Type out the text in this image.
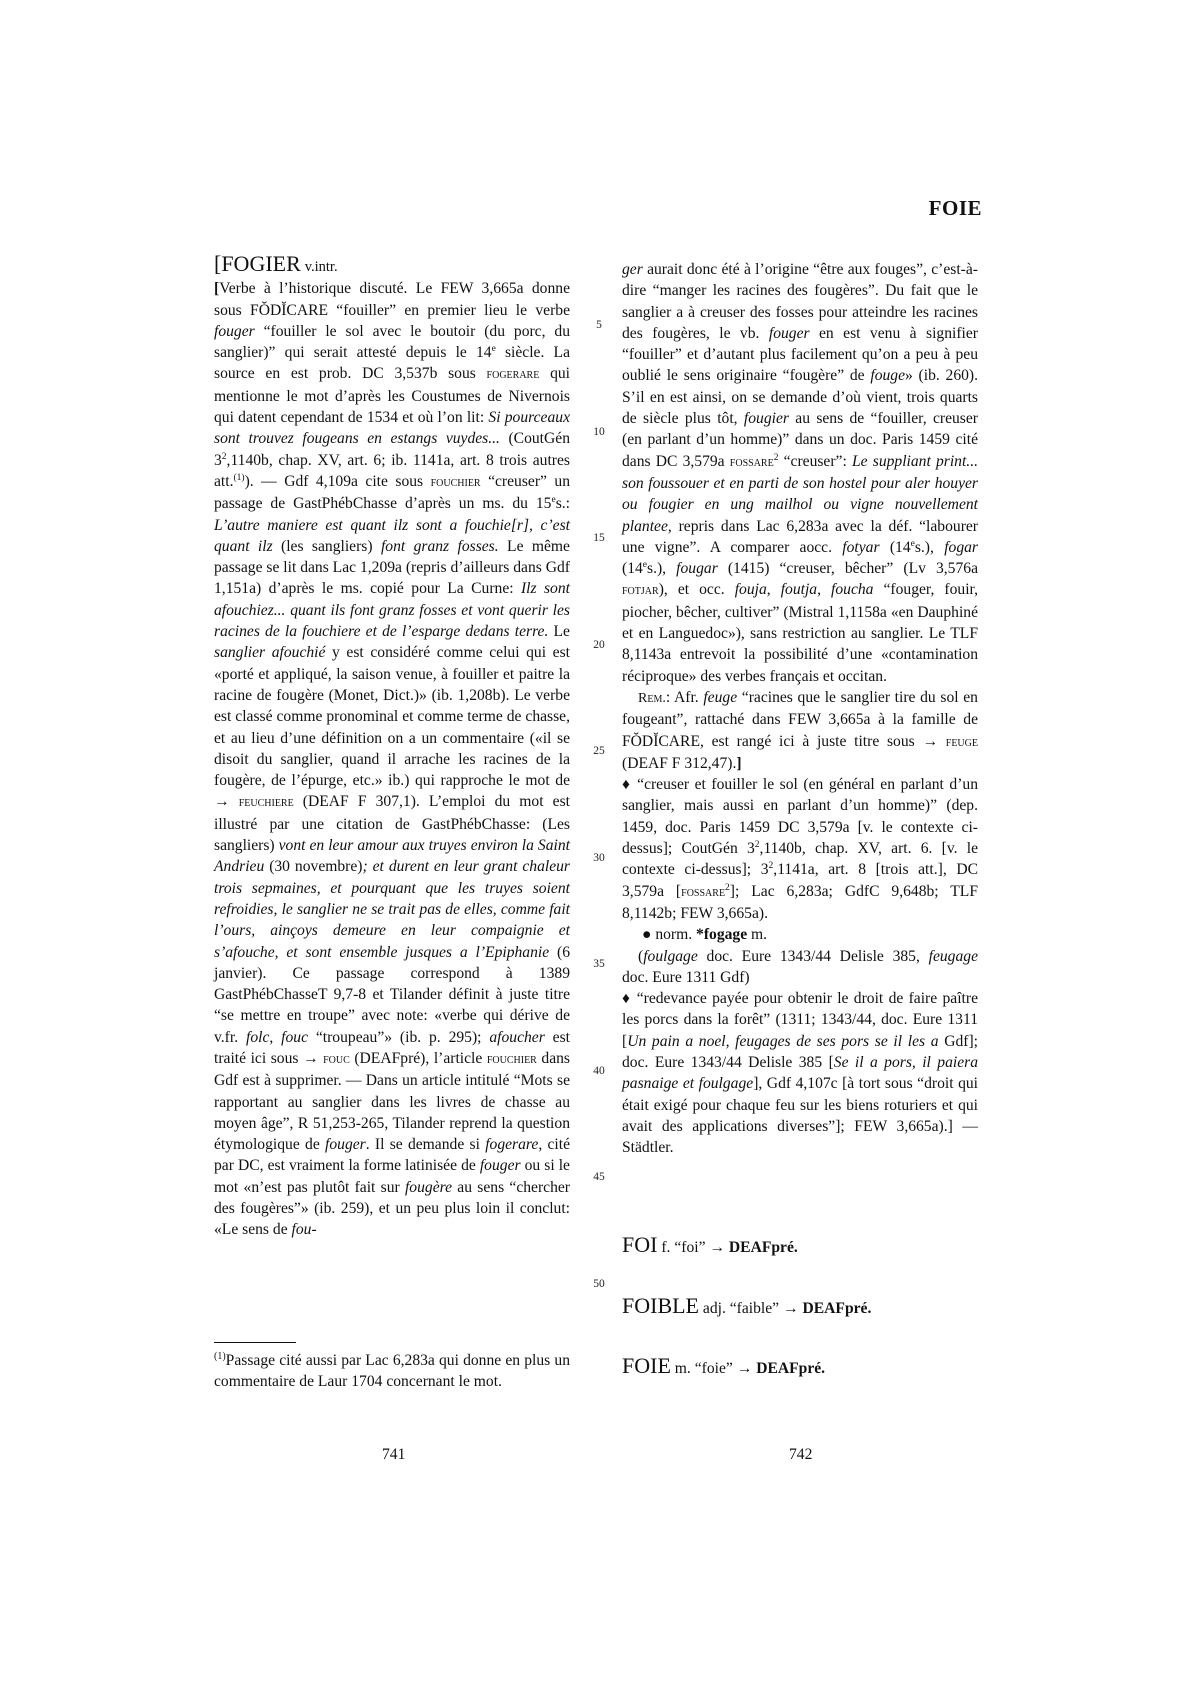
FOIE
[FOGIER v.intr.

[Verbe à l’historique discuté. Le FEW 3,665a donne sous FŎDĬCARE “fouiller” en premier lieu le verbe fouger “fouiller le sol avec le boutoir (du porc, du sanglier)” qui serait attesté depuis le 14e siècle. La source en est prob. DC 3,537b sous fogerare qui mentionne le mot d’après les Coustumes de Nivernois qui datent cependant de 1534 et où l’on lit: Si pourceaux sont trouvez fougeans en estangs vuydes... (CoutGén $3^2,1140b$, chap. XV, art. 6; ib. 1141a, art. 8 trois autres att.$^{(1)}$). — Gdf 4,109a cite sous fouchier “creuser” un passage de GastPhébChasse d’après un ms. du 15es.: L’autre maniere est quant ilz sont a fouchie[r], c’est quant ilz (les sangliers) font granz fosses. Le même passage se lit dans Lac 1,209a (repris d’ailleurs dans Gdf 1,151a) d’après le ms. copié pour La Curne: Ilz sont afouchiez... quant ils font granz fosses et vont querir les racines de la fouchiere et de l’esparge dedans terre. Le sanglier afouchié y est considéré comme celui qui est «porté et appliqué, la saison venue, à fouiller et paitre la racine de fougère (Monet, Dict.)» (ib. 1,208b). Le verbe est classé comme pronominal et comme terme de chasse, et au lieu d’une définition on a un commentaire («il se disoit du sanglier, quand il arrache les racines de la fougère, de l’épurge, etc.» ib.) qui rapproche le mot de → feuchiere (DEAF F 307,1). L’emploi du mot est illustré par une citation de GastPhébChasse: (Les sangliers) vont en leur amour aux truyes environ la Saint Andrieu (30 novembre); et durent en leur grant chaleur trois sepmaines, et pourquant que les truyes soient refroidies, le sanglier ne se trait pas de elles, comme fait l’ours, ainçoys demeure en leur compaignie et s’afouche, et sont ensemble jusques a l’Epiphanie (6 janvier). Ce passage correspond à 1389 GastPhébChasseT 9,7-8 et Tilander définit à juste titre “se mettre en troupe” avec note: «verbe qui dérive de v.fr. folc, fouc “troupeau”» (ib. p. 295); afoucher est traité ici sous → fouc (DEAFpré), l’article fouchier dans Gdf est à supprimer. — Dans un article intitulé “Mots se rapportant au sanglier dans les livres de chasse au moyen âge”, R 51,253-265, Tilander reprend la question étymologique de fouger. Il se demande si fogerare, cité par DC, est vraiment la forme latinisée de fouger ou si le mot «n’est pas plutôt fait sur fougère au sens “chercher des fougères”» (ib. 259), et un peu plus loin il conclut: «Le sens de fou-

$^{(1)}$Passage cité aussi par Lac 6,283a qui donne en plus un commentaire de Laur 1704 concernant le mot.
5
10
15
20
25
30
35
40
45
50

ger aurait donc été à l’origine “être aux fouges”, c’est-à-dire “manger les racines des fougères”. Du fait que le sanglier a à creuser des fosses pour atteindre les racines des fougères, le vb. fouger en est venu à signifier “fouiller” et d’autant plus facilement qu’on a peu à peu oublié le sens originaire “fougère” de fouge» (ib. 260). S’il en est ainsi, on se demande d’où vient, trois quarts de siècle plus tôt, fougier au sens de “fouiller, creuser (en parlant d’un homme)” dans un doc. Paris 1459 cité dans DC 3,579a fossare$^2$ “creuser”: Le suppliant print... son foussouer et en parti de son hostel pour aler houyer ou fougier en ung mailhol ou vigne nouvellement plantee, repris dans Lac 6,283a avec la déf. “labourer une vigne”. A comparer aocc. fotyar (14es.), fogar (14es.), fougar (1415) “creuser, bêcher” (Lv 3,576a fotjar), et occ. fouja, foutja, foucha “fouger, fouir, piocher, bêcher, cultiver” (Mistral 1,1158a «en Dauphiné et en Languedoc»), sans restriction au sanglier. Le TLF 8,1143a entrevoit la possibilité d’une «contamination réciproque» des verbes français et occitan.

Rem.: Afr. feuge “racines que le sanglier tire du sol en fougeant”, rattaché dans FEW 3,665a à la famille de FŎDĬCARE, est rangé ici à juste titre sous → feuge (DEAF F 312,47).]

♦ “creuser et fouiller le sol (en général en parlant d’un sanglier, mais aussi en parlant d’un homme)” (dep. 1459, doc. Paris 1459 DC 3,579a [v. le contexte ci-dessus]; CoutGén $3^2,1140b$, chap. XV, art. 6. [v. le contexte ci-dessus]; $3^2,1141a$, art. 8 [trois att.], DC 3,579a [fossare$^2$]; Lac 6,283a; GdfC 9,648b; TLF 8,1142b; FEW 3,665a).

● norm. *fogage m.

(foulgage doc. Eure 1343/44 Delisle 385, feugage doc. Eure 1311 Gdf)

♦ “redevance payée pour obtenir le droit de faire paître les porcs dans la forêt” (1311; 1343/44, doc. Eure 1311 [Un pain a noel, feugages de ses pors se il les a Gdf]; doc. Eure 1343/44 Delisle 385 [Se il a pors, il paiera pasnaige et foulgage], Gdf 4,107c [à tort sous “droit qui était exigé pour chaque feu sur les biens roturiers et qui avait des applications diverses”]; FEW 3,665a).] — Städtler.

FOI f. “foi” → DEAFpré.
FOIBLE adj. “faible” → DEAFpré.
FOIE m. “foie” → DEAFpré.
741	742
